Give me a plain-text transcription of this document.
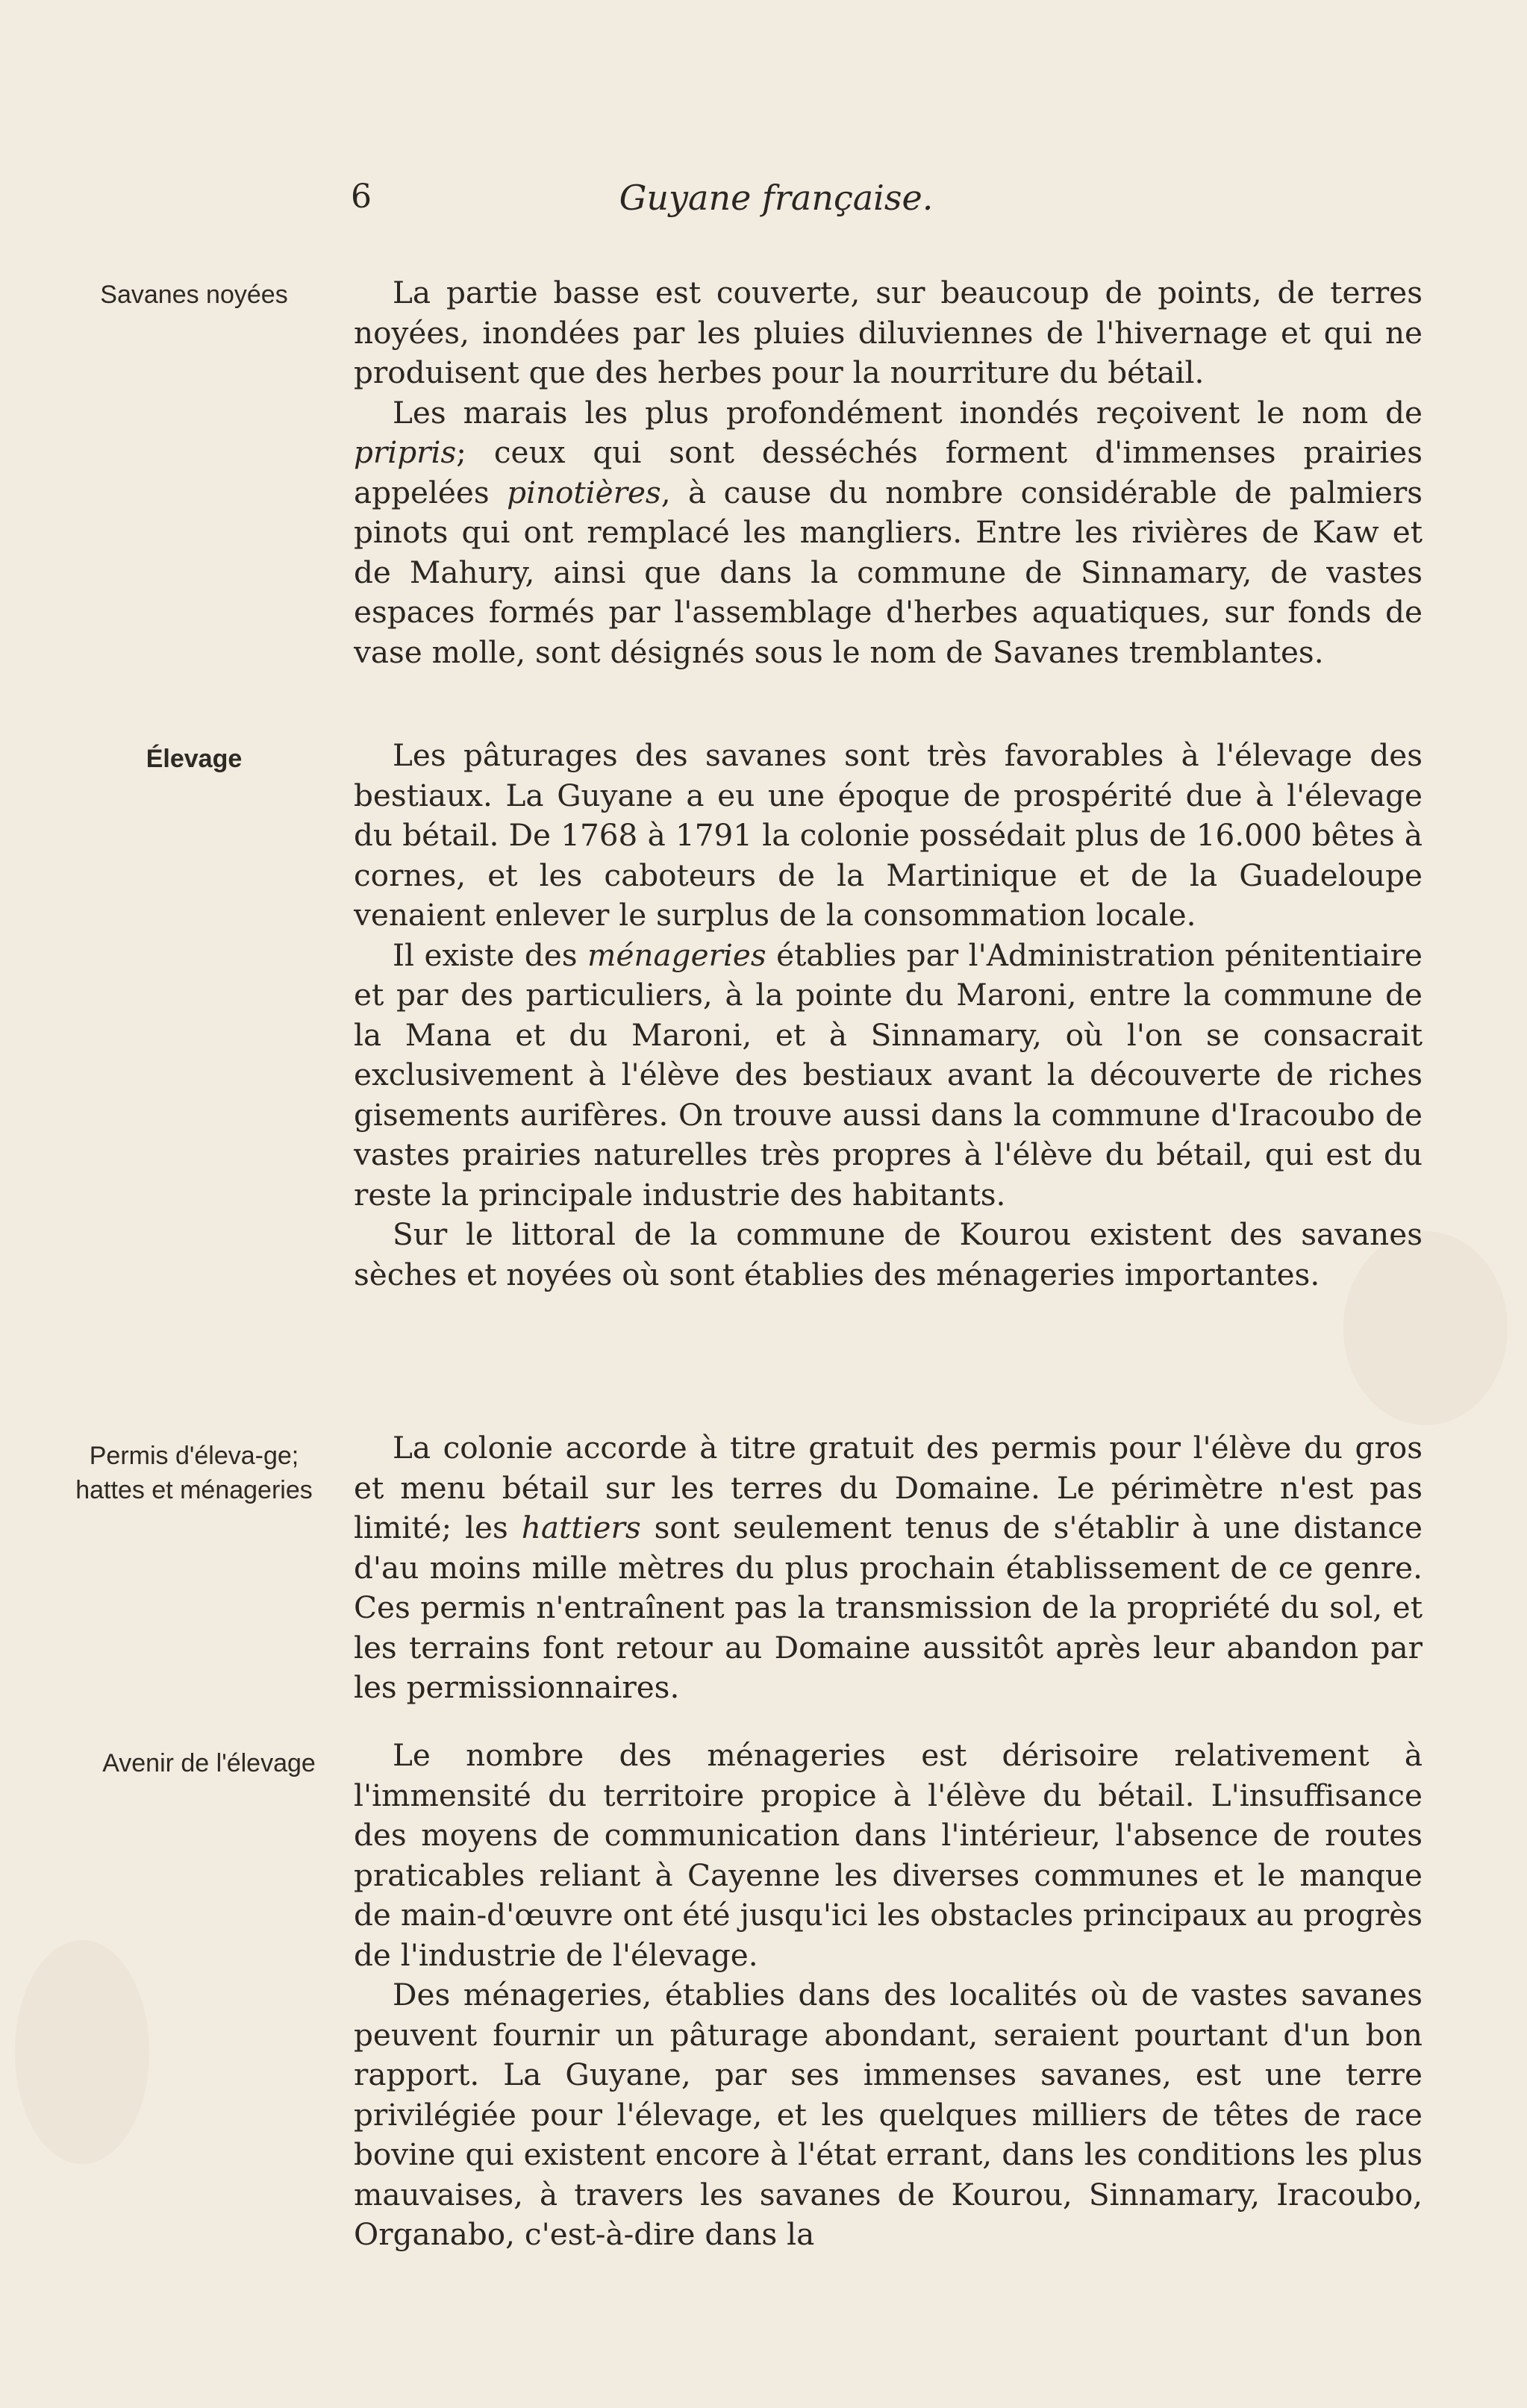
6	Guyane française.
Savanes noyées
Élevage
Permis d'éleva-ge; hattes et ménageries
Avenir de l'élevage

La partie basse est couverte, sur beaucoup de points, de terres noyées, inondées par les pluies diluviennes de l'hivernage et qui ne produisent que des herbes pour la nourriture du bétail.

Les marais les plus profondément inondés reçoivent le nom de pripris; ceux qui sont desséchés forment d'immenses prairies appelées pinotières, à cause du nombre considérable de palmiers pinots qui ont remplacé les mangliers. Entre les rivières de Kaw et de Mahury, ainsi que dans la commune de Sinnamary, de vastes espaces formés par l'assemblage d'herbes aquatiques, sur fonds de vase molle, sont désignés sous le nom de Savanes tremblantes.

Les pâturages des savanes sont très favorables à l'élevage des bestiaux. La Guyane a eu une époque de prospérité due à l'élevage du bétail. De 1768 à 1791 la colonie possédait plus de 16.000 bêtes à cornes, et les caboteurs de la Martinique et de la Guadeloupe venaient enlever le surplus de la consommation locale.

Il existe des ménageries établies par l'Administration pénitentiaire et par des particuliers, à la pointe du Maroni, entre la commune de la Mana et du Maroni, et à Sinnamary, où l'on se consacrait exclusivement à l'élève des bestiaux avant la découverte de riches gisements aurifères. On trouve aussi dans la commune d'Iracoubo de vastes prairies naturelles très propres à l'élève du bétail, qui est du reste la principale industrie des habitants.

Sur le littoral de la commune de Kourou existent des savanes sèches et noyées où sont établies des ménageries importantes.

La colonie accorde à titre gratuit des permis pour l'élève du gros et menu bétail sur les terres du Domaine. Le périmètre n'est pas limité; les hattiers sont seulement tenus de s'établir à une distance d'au moins mille mètres du plus prochain établissement de ce genre. Ces permis n'entraînent pas la transmission de la propriété du sol, et les terrains font retour au Domaine aussitôt après leur abandon par les permissionnaires.

Le nombre des ménageries est dérisoire relativement à l'immensité du territoire propice à l'élève du bétail. L'insuffisance des moyens de communication dans l'intérieur, l'absence de routes praticables reliant à Cayenne les diverses communes et le manque de main-d'œuvre ont été jusqu'ici les obstacles principaux au progrès de l'industrie de l'élevage.

Des ménageries, établies dans des localités où de vastes savanes peuvent fournir un pâturage abondant, seraient pourtant d'un bon rapport. La Guyane, par ses immenses savanes, est une terre privilégiée pour l'élevage, et les quelques milliers de têtes de race bovine qui existent encore à l'état errant, dans les conditions les plus mauvaises, à travers les savanes de Kourou, Sinnamary, Iracoubo, Organabo, c'est-à-dire dans la
